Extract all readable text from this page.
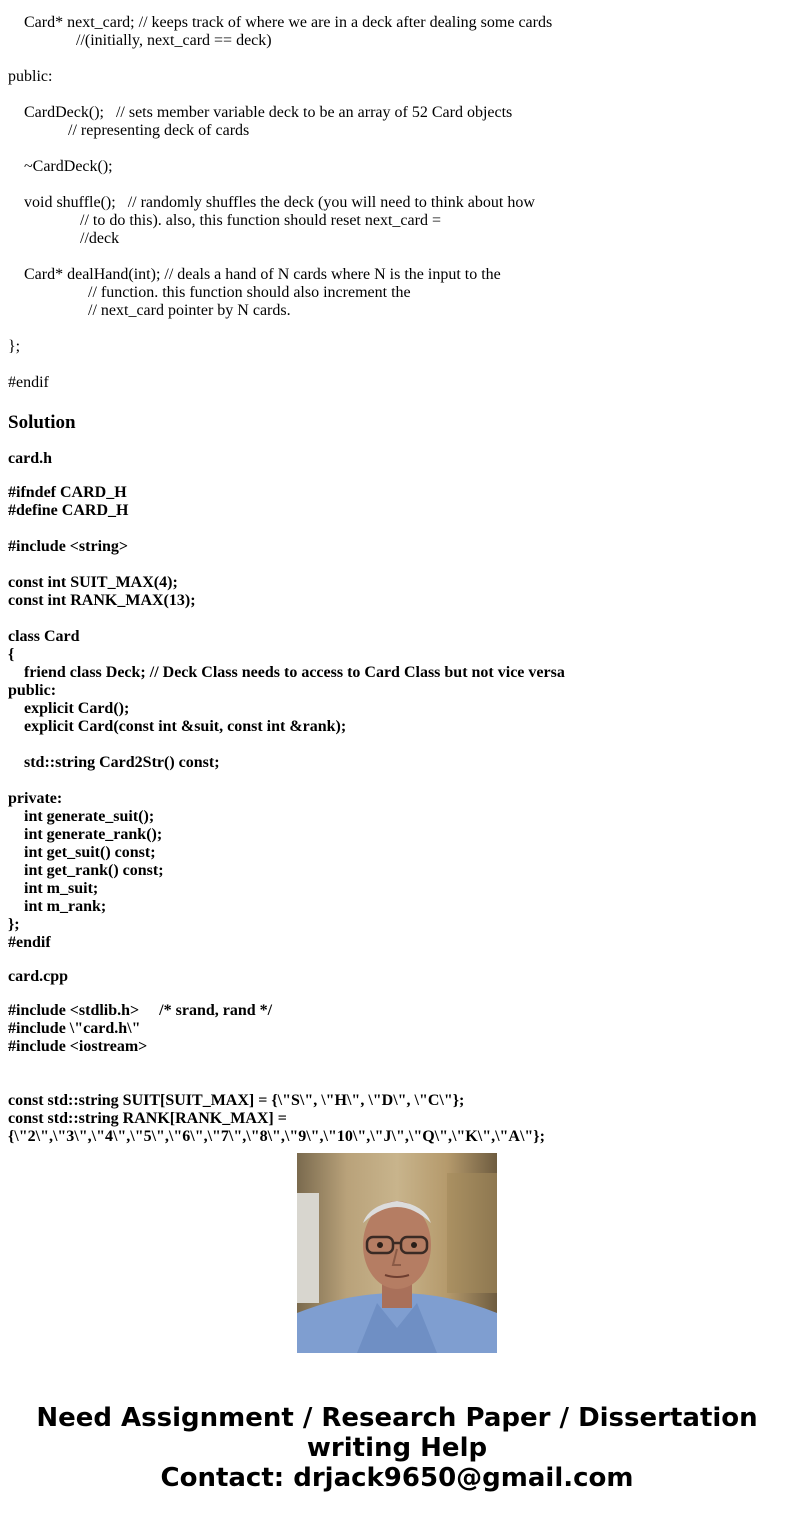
Card* next_card; // keeps track of where we are in a deck after dealing some cards
//(initially, next_card == deck)

public:

CardDeck();   // sets member variable deck to be an array of 52 Card objects
// representing deck of cards

~CardDeck();

void shuffle();   // randomly shuffles the deck (you will need to think about how
// to do this). also, this function should reset next_card =
//deck

Card* dealHand(int); // deals a hand of N cards where N is the input to the
// function. this function should also increment the
// next_card pointer by N cards.

};

#endif
Solution
card.h
#ifndef CARD_H
#define CARD_H

#include <string>

const int SUIT_MAX(4);
const int RANK_MAX(13);

class Card
{
friend class Deck; // Deck Class needs to access to Card Class but not vice versa
public:
explicit Card();
explicit Card(const int &suit, const int &rank);

std::string Card2Str() const;

private:
int generate_suit();
int generate_rank();
int get_suit() const;
int get_rank() const;
int m_suit;
int m_rank;
};
#endif
card.cpp
#include <stdlib.h>     /* srand, rand */
#include \"card.h\"
#include <iostream>

const std::string SUIT[SUIT_MAX] = {\"S\", \"H\", \"D\", \"C\"};
const std::string RANK[RANK_MAX] =
{\"2\",\"3\",\"4\",\"5\",\"6\",\"7\",\"8\",\"9\",\"10\",\"J\",\"Q\",\"K\",\"A\"};
Need Assignment / Research Paper / Dissertation
writing Help
Contact: drjack9650@gmail.com
